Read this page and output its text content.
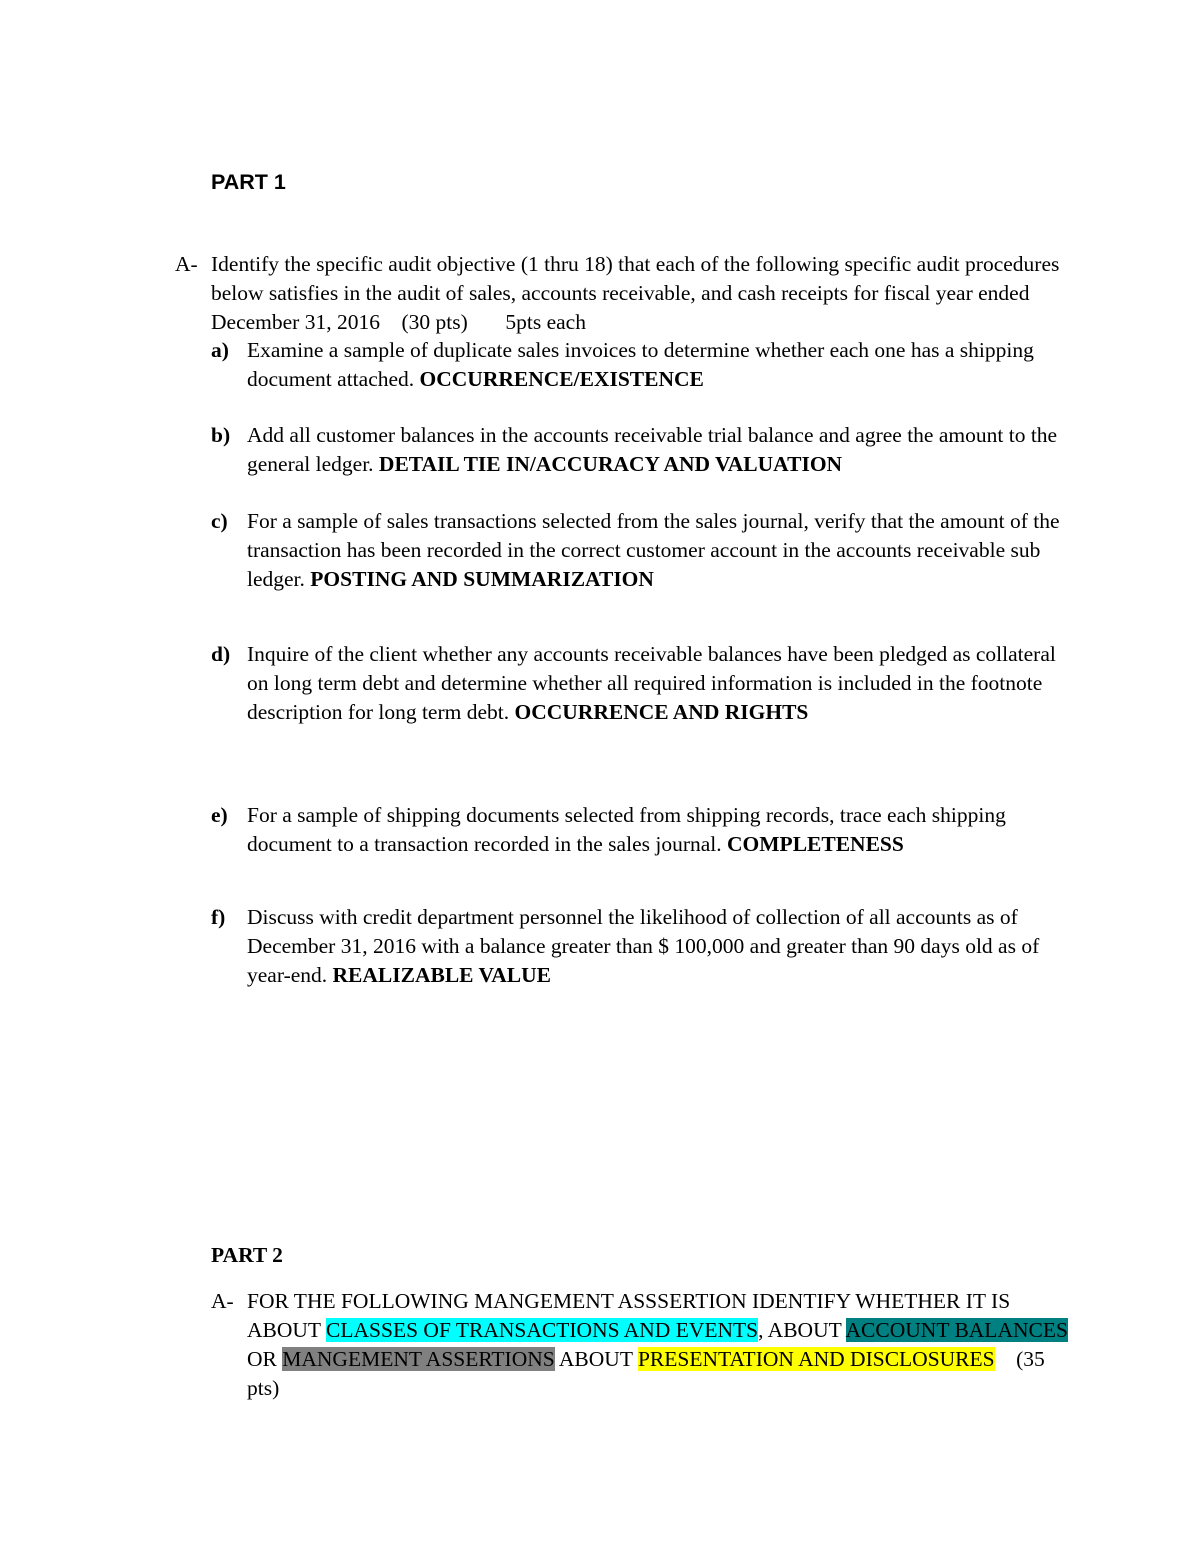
PART 1
A- Identify the specific audit objective (1 thru 18) that each of the following specific audit procedures below satisfies in the audit of sales, accounts receivable, and cash receipts for fiscal year ended December 31, 2016    (30 pts)       5pts each
a) Examine a sample of duplicate sales invoices to determine whether each one has a shipping document attached. OCCURRENCE/EXISTENCE
b) Add all customer balances in the accounts receivable trial balance and agree the amount to the general ledger. DETAIL TIE IN/ACCURACY AND VALUATION
c) For a sample of sales transactions selected from the sales journal, verify that the amount of the transaction has been recorded in the correct customer account in the accounts receivable sub ledger. POSTING AND SUMMARIZATION
d) Inquire of the client whether any accounts receivable balances have been pledged as collateral on long term debt and determine whether all required information is included in the footnote description for long term debt. OCCURRENCE AND RIGHTS
e) For a sample of shipping documents selected from shipping records, trace each shipping document to a transaction recorded in the sales journal. COMPLETENESS
f)	Discuss with credit department personnel the likelihood of collection of all accounts as of December 31, 2016 with a balance greater than $ 100,000 and greater than 90 days old as of year-end. REALIZABLE VALUE
PART 2
A- FOR THE FOLLOWING MANGEMENT ASSSERTION IDENTIFY WHETHER IT IS ABOUT CLASSES OF TRANSACTIONS AND EVENTS, ABOUT ACCOUNT BALANCES OR MANGEMENT ASSERTIONS ABOUT PRESENTATION AND DISCLOSURES    (35 pts)
